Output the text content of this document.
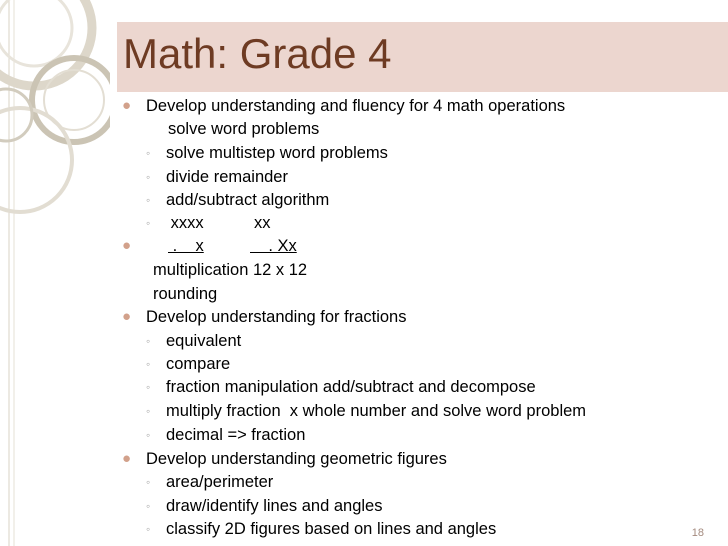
Math: Grade 4
● Develop understanding and fluency for 4 math operations
solve word problems
◦ solve multistep word problems
◦ divide remainder
◦ add/subtract algorithm
◦ xxxx           xx
● .    x	. Xx
multiplication 12 x 12
rounding
● Develop understanding for fractions
◦ equivalent
◦ compare
◦ fraction manipulation add/subtract and decompose
◦ multiply fraction  x whole number and solve word problem
◦ decimal => fraction
● Develop understanding geometric figures
◦ area/perimeter
◦ draw/identify lines and angles
◦ classify 2D figures based on lines and angles	18
